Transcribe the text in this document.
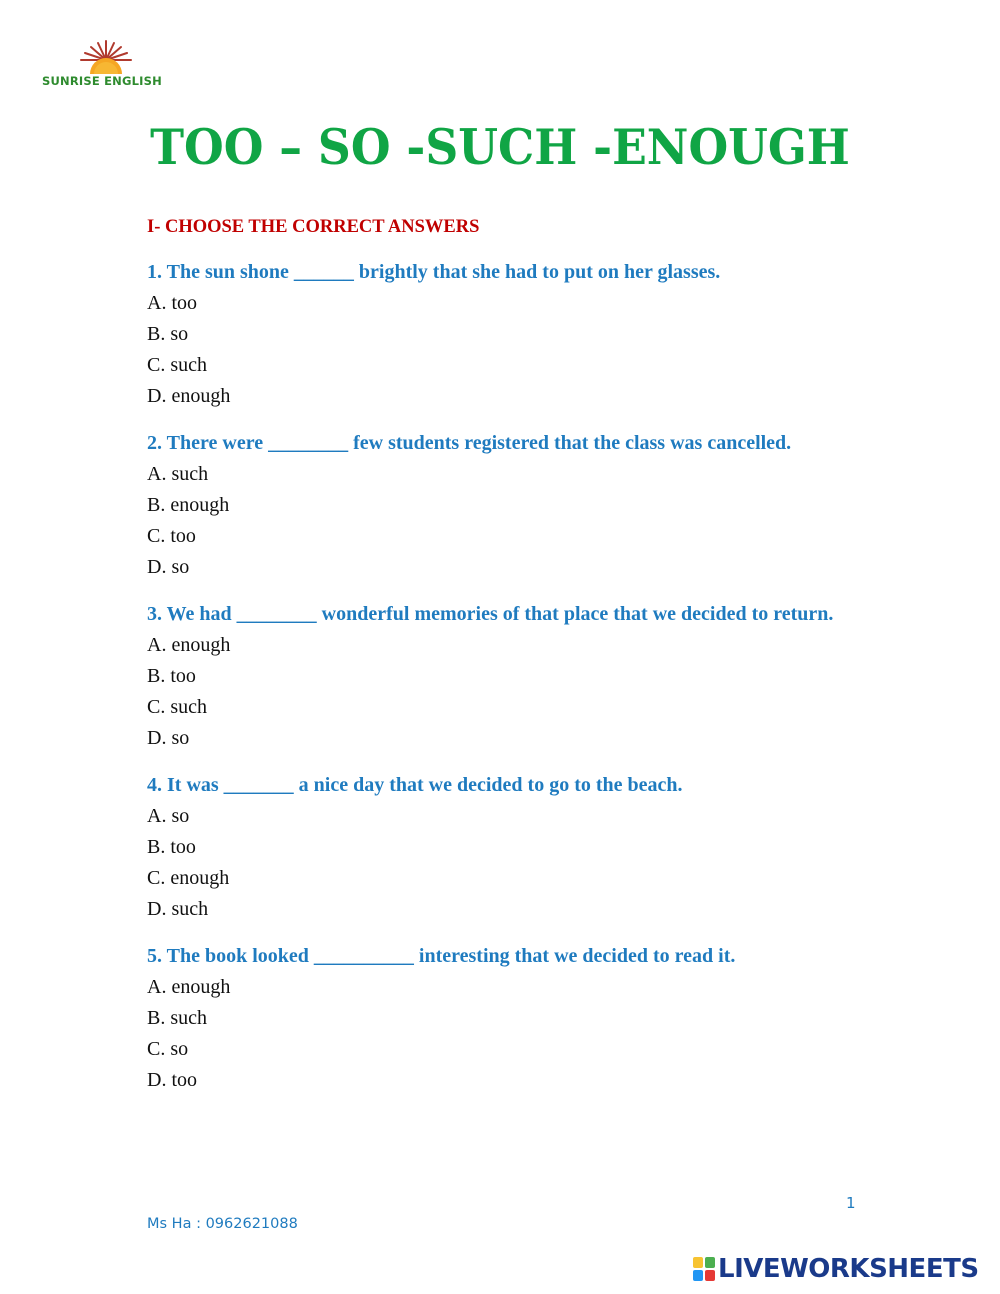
SUNRISE ENGLISH
TOO – SO -SUCH -ENOUGH
I- CHOOSE THE CORRECT ANSWERS
1. The sun shone ______ brightly that she had to put on her glasses.
A. too
B. so
C. such
D. enough
2. There were ________ few students registered that the class was cancelled.
A. such
B. enough
C. too
D. so
3. We had ________ wonderful memories of that place that we decided to return.
A. enough
B. too
C. such
D. so
4. It was _______ a nice day that we decided to go to the beach.
A. so
B. too
C. enough
D. such
5. The book looked __________ interesting that we decided to read it.
A. enough
B. such
C. so
D. too
1
Ms Ha : 0962621088
LIVEWORKSHEETS
